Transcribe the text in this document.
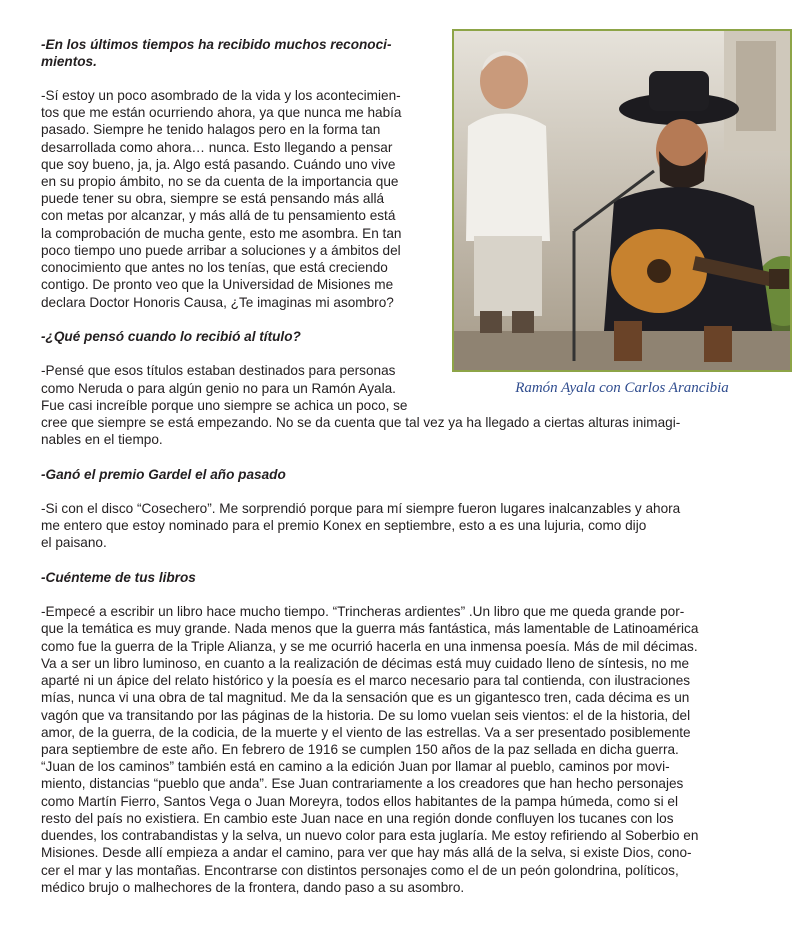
-En los últimos tiempos ha recibido muchos reconoci-

mientos.

-Sí estoy un poco asombrado de la vida y los acontecimien-

tos que me están ocurriendo ahora, ya que nunca me había

pasado. Siempre he tenido halagos pero en la forma tan

desarrollada como ahora… nunca. Esto llegando a pensar

que soy bueno, ja, ja. Algo está pasando. Cuándo uno vive

en su propio ámbito, no se da cuenta de la importancia que

puede tener su obra, siempre se está pensando más allá

con metas por alcanzar, y más allá de tu pensamiento está

la comprobación de mucha gente, esto me asombra. En tan

poco tiempo uno puede arribar a soluciones y a ámbitos del

conocimiento que antes no los tenías, que está creciendo

contigo. De pronto veo que la Universidad de Misiones me

declara Doctor Honoris Causa, ¿Te imaginas mi asombro?

-¿Qué pensó cuando lo recibió al título?

-Pensé que esos títulos estaban destinados para personas

como Neruda o para algún genio no para un Ramón Ayala.

Fue casi increíble porque uno siempre se achica un poco, se

cree que siempre se está empezando. No se da cuenta que tal vez ya ha llegado a ciertas alturas inimagi-

nables en el tiempo.

-Ganó el premio Gardel el año pasado

-Si con el disco “Cosechero”. Me sorprendió porque para mí siempre fueron lugares inalcanzables y ahora

me entero que estoy nominado para el premio Konex en septiembre, esto a es una lujuria, como dijo

el paisano.

-Cuénteme de tus libros

-Empecé a escribir un libro hace mucho tiempo. “Trincheras ardientes” .Un libro que me queda grande por-

que la temática es muy grande. Nada menos que la guerra más fantástica, más lamentable de Latinoamérica

como fue la guerra de la Triple Alianza, y se me ocurrió hacerla en una inmensa poesía. Más de mil décimas.

Va a ser un libro luminoso, en cuanto a la realización de décimas está muy cuidado lleno de síntesis, no me

aparté ni un ápice del relato histórico y la poesía es el marco necesario para tal contienda, con ilustraciones

mías, nunca vi una obra de tal magnitud. Me da la sensación que es un gigantesco tren, cada décima es un

vagón que va transitando por las páginas de la historia. De su lomo vuelan seis vientos: el de la historia, del

amor, de la guerra, de la codicia, de la muerte y el viento de las estrellas. Va a ser presentado posiblemente

para septiembre de este año. En febrero de 1916 se cumplen 150 años de la paz sellada en dicha guerra.

“Juan de los caminos” también está en camino a la edición Juan por llamar al pueblo, caminos por movi-

miento, distancias “pueblo que anda”. Ese Juan contrariamente a los creadores que han hecho personajes

como Martín Fierro, Santos Vega o Juan Moreyra, todos ellos habitantes de la pampa húmeda, como si el

resto del país no existiera. En cambio este Juan nace en una región donde confluyen los tucanes con los

duendes, los contrabandistas y la selva, un nuevo color para esta juglaría. Me estoy refiriendo al Soberbio en

Misiones. Desde allí empieza a andar el camino, para ver que hay más allá de la selva, si existe Dios, cono-

cer el mar y las montañas. Encontrarse con distintos personajes como el de un peón golondrina, políticos,

médico brujo o malhechores de la frontera, dando paso a su asombro.

Ramón Ayala con Carlos Arancibia
